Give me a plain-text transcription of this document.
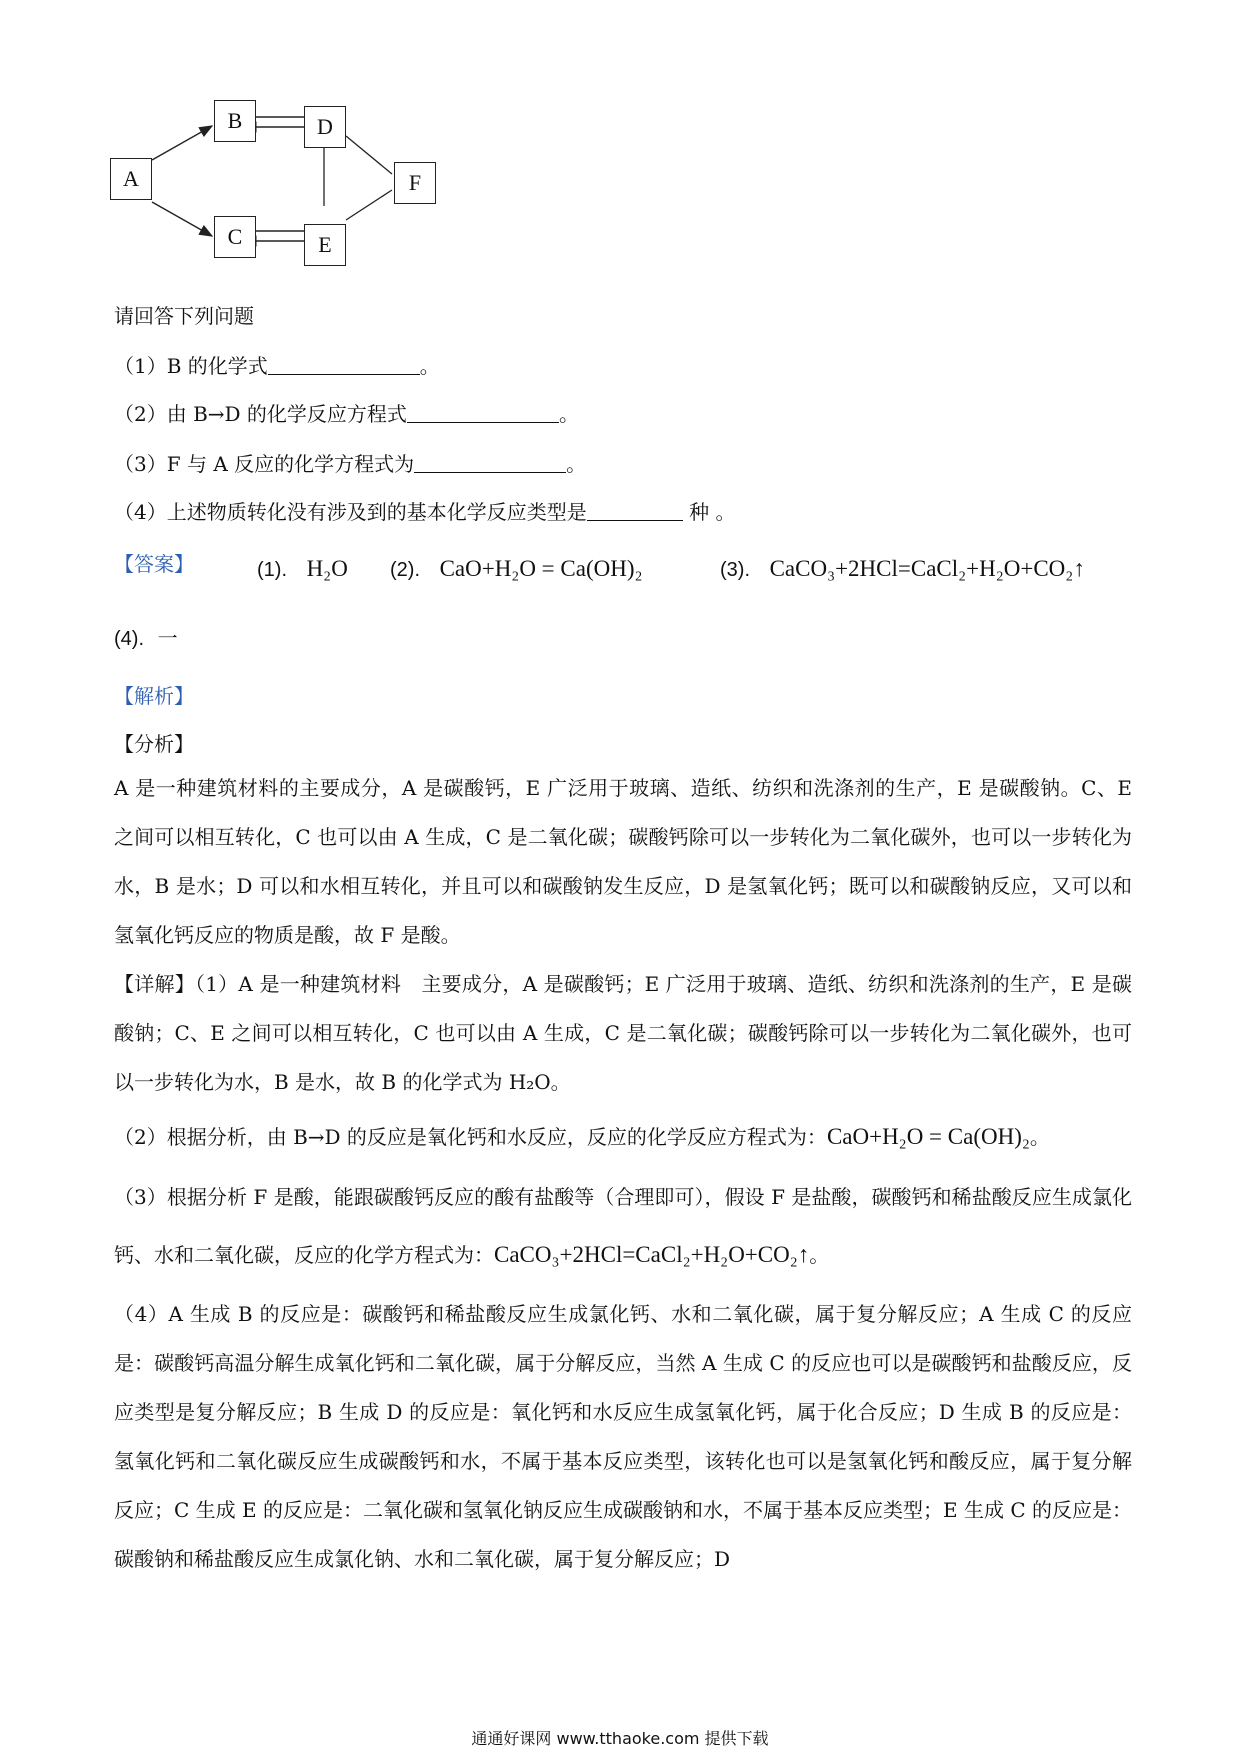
A
B	D
C	E
F
请回答下列问题
（1）B 的化学式	。
（2）由 B→D 的化学反应方程式	。
（3）F 与 A 反应的化学方程式为	。
（4）上述物质转化没有涉及到的基本化学反应类型是	种 。
【答案】	(1). H₂O (2). CaO+H₂O = Ca(OH)₂	(3). CaCO₃+2HCl=CaCl₂+H₂O+CO₂↑
(4). 一
【解析】
【分析】

A 是一种建筑材料的主要成分，A 是碳酸钙，E 广泛用于玻璃、造纸、纺织和洗涤剂的生产，E 是碳酸钠。C、E 之间可以相互转化，C 也可以由 A 生成，C 是二氧化碳；碳酸钙除可以一步转化为二氧化碳外，也可以一步转化为水，B 是水；D 可以和水相互转化，并且可以和碳酸钠发生反应，D 是氢氧化钙；既可以和碳酸钠反应，又可以和氢氧化钙反应的物质是酸，故 F 是酸。

【详解】（1）A 是一种建筑材料　主要成分，A 是碳酸钙；E 广泛用于玻璃、造纸、纺织和洗涤剂的生产，E 是碳酸钠；C、E 之间可以相互转化，C 也可以由 A 生成，C 是二氧化碳；碳酸钙除可以一步转化为二氧化碳外，也可以一步转化为水，B 是水，故 B 的化学式为 H₂O。

（2）根据分析，由 B→D 的反应是氧化钙和水反应，反应的化学反应方程式为：CaO+H₂O = Ca(OH)₂。

（3）根据分析 F 是酸，能跟碳酸钙反应的酸有盐酸等（合理即可），假设 F 是盐酸，碳酸钙和稀盐酸反应生成氯化钙、水和二氧化碳，反应的化学方程式为：CaCO₃+2HCl=CaCl₂+H₂O+CO₂↑。

（4）A 生成 B 的反应是：碳酸钙和稀盐酸反应生成氯化钙、水和二氧化碳，属于复分解反应；A 生成 C 的反应是：碳酸钙高温分解生成氧化钙和二氧化碳，属于分解反应，当然 A 生成 C 的反应也可以是碳酸钙和盐酸反应，反应类型是复分解反应；B 生成 D 的反应是：氧化钙和水反应生成氢氧化钙，属于化合反应；D 生成 B 的反应是：氢氧化钙和二氧化碳反应生成碳酸钙和水，不属于基本反应类型，该转化也可以是氢氧化钙和酸反应，属于复分解反应；C 生成 E 的反应是：二氧化碳和氢氧化钠反应生成碳酸钠和水，不属于基本反应类型；E 生成 C 的反应是：碳酸钠和稀盐酸反应生成氯化钠、水和二氧化碳，属于复分解反应；D

通通好课网 www.tthaoke.com 提供下载
